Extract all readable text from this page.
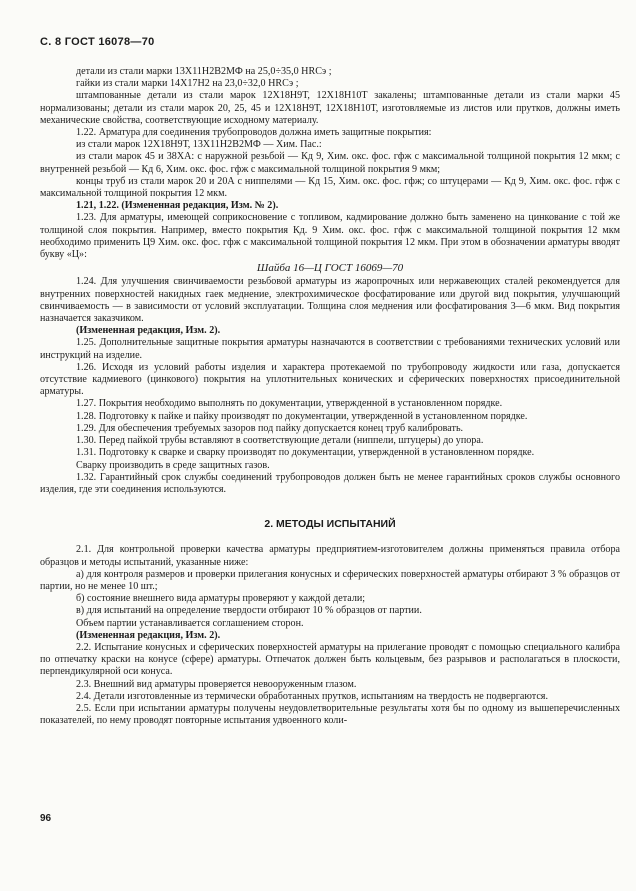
С. 8 ГОСТ 16078—70

детали из стали марки 13Х11Н2В2МФ на 25,0÷35,0 HRCэ ;

гайки из стали марки 14Х17Н2 на 23,0÷32,0 HRCэ ;

штампованные детали из стали марок 12Х18Н9Т, 12Х18Н10Т закалены; штампованные детали из стали марки 45 нормализованы; детали из стали марок 20, 25, 45 и 12Х18Н9Т, 12Х18Н10Т, изготовляемые из листов или прутков, должны иметь механические свойства, соответствующие исходному материалу.

1.22. Арматура для соединения трубопроводов должна иметь защитные покрытия:

из стали марок 12Х18Н9Т, 13Х11Н2В2МФ — Хим. Пас.:

из стали марок 45 и 38ХА: с наружной резьбой — Кд 9, Хим. окс. фос. гфж с максимальной толщиной покрытия 12 мкм; с внутренней резьбой — Кд 6, Хим. окс. фос. гфж с максимальной толщиной покрытия 9 мкм;

концы труб из стали марок 20 и 20А с ниппелями — Кд 15, Хим. окс. фос. гфж; со штуцерами — Кд 9, Хим. окс. фос. гфж с максимальной толщиной покрытия 12 мкм.

1.21, 1.22. (Измененная редакция, Изм. № 2).

1.23. Для арматуры, имеющей соприкосновение с топливом, кадмирование должно быть заменено на цинкование с той же толщиной слоя покрытия. Например, вместо покрытия Кд. 9 Хим. окс. фос. гфж с максимальной толщиной покрытия 12 мкм необходимо применить Ц9 Хим. окс. фос. гфж с максимальной толщиной покрытия 12 мкм. При этом в обозначении арматуры вводят букву «Ц»:

Шайба 16—Ц ГОСТ 16069—70

1.24. Для улучшения свинчиваемости резьбовой арматуры из жаропрочных или нержавеющих сталей рекомендуется для внутренних поверхностей накидных гаек меднение, электрохимическое фосфатирование или другой вид покрытия, улучшающий свинчиваемость — в зависимости от условий эксплуатации. Толщина слоя меднения или фосфатирования 3—6 мкм. Вид покрытия назначается заказчиком.

(Измененная редакция, Изм. 2).

1.25. Дополнительные защитные покрытия арматуры назначаются в соответствии с требованиями технических условий или инструкций на изделие.

1.26. Исходя из условий работы изделия и характера протекаемой по трубопроводу жидкости или газа, допускается отсутствие кадмиевого (цинкового) покрытия на уплотнительных конических и сферических поверхностях присоединительной арматуры.

1.27. Покрытия необходимо выполнять по документации, утвержденной в установленном порядке.

1.28. Подготовку к пайке и пайку производят по документации, утвержденной в установленном порядке.

1.29. Для обеспечения требуемых зазоров под пайку допускается конец труб калибровать.

1.30. Перед пайкой трубы вставляют в соответствующие детали (ниппели, штуцеры) до упора.

1.31. Подготовку к сварке и сварку производят по документации, утвержденной в установленном порядке.

Сварку производить в среде защитных газов.

1.32. Гарантийный срок службы соединений трубопроводов должен быть не менее гарантийных сроков службы основного изделия, где эти соединения используются.

2. МЕТОДЫ ИСПЫТАНИЙ

2.1. Для контрольной проверки качества арматуры предприятием-изготовителем должны применяться правила отбора образцов и методы испытаний, указанные ниже:

а) для контроля размеров и проверки прилегания конусных и сферических поверхностей арматуры отбирают 3 % образцов от партии, но не менее 10 шт.;

б) состояние внешнего вида арматуры проверяют у каждой детали;

в) для испытаний на определение твердости отбирают 10 % образцов от партии.

Объем партии устанавливается соглашением сторон.

(Измененная редакция, Изм. 2).

2.2. Испытание конусных и сферических поверхностей арматуры на прилегание проводят с помощью специального калибра по отпечатку краски на конусе (сфере) арматуры. Отпечаток должен быть кольцевым, без разрывов и располагаться в плоскости, перпендикулярной оси конуса.

2.3. Внешний вид арматуры проверяется невооруженным глазом.

2.4. Детали изготовленные из термически обработанных прутков, испытаниям на твердость не подвергаются.

2.5. Если при испытании арматуры получены неудовлетворительные результаты хотя бы по одному из вышеперечисленных показателей, по нему проводят повторные испытания удвоенного коли-

96
